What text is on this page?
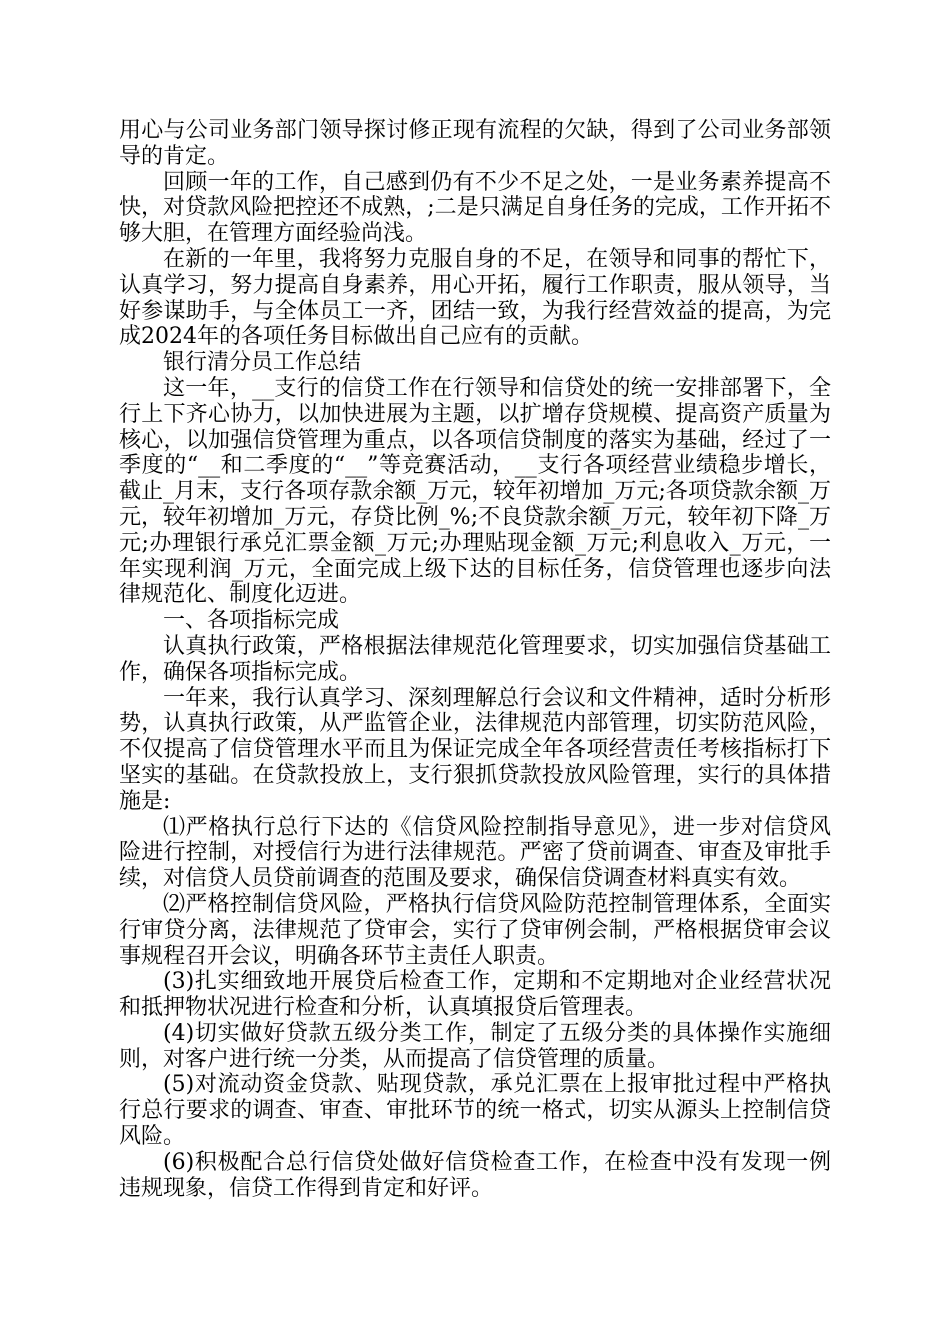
用心与公司业务部门领导探讨修正现有流程的欠缺，得到了公司业务部领导的肯定。

回顾一年的工作，自己感到仍有不少不足之处，一是业务素养提高不快，对贷款风险把控还不成熟，;二是只满足自身任务的完成，工作开拓不够大胆，在管理方面经验尚浅。

在新的一年里，我将努力克服自身的不足，在领导和同事的帮忙下，认真学习，努力提高自身素养，用心开拓，履行工作职责，服从领导，当好参谋助手，与全体员工一齐，团结一致，为我行经营效益的提高，为完成2024年的各项任务目标做出自己应有的贡献。

银行清分员工作总结

这一年，__支行的信贷工作在行领导和信贷处的统一安排部署下，全行上下齐心协力，以加快进展为主题，以扩增存贷规模、提高资产质量为核心，以加强信贷管理为重点，以各项信贷制度的落实为基础，经过了一季度的“__和二季度的“__”等竞赛活动，__支行各项经营业绩稳步增长，截止_月末，支行各项存款余额_万元，较年初增加_万元;各项贷款余额_万元，较年初增加_万元，存贷比例_%;不良贷款余额_万元，较年初下降_万元;办理银行承兑汇票金额_万元;办理贴现金额_万元;利息收入_万元，一年实现利润_万元，全面完成上级下达的目标任务，信贷管理也逐步向法律规范化、制度化迈进。

一、各项指标完成

认真执行政策，严格根据法律规范化管理要求，切实加强信贷基础工作，确保各项指标完成。

一年来，我行认真学习、深刻理解总行会议和文件精神，适时分析形势，认真执行政策，从严监管企业，法律规范内部管理，切实防范风险，不仅提高了信贷管理水平而且为保证完成全年各项经营责任考核指标打下坚实的基础。在贷款投放上，支行狠抓贷款投放风险管理，实行的具体措施是:

⑴严格执行总行下达的《信贷风险控制指导意见》，进一步对信贷风险进行控制，对授信行为进行法律规范。严密了贷前调查、审查及审批手续，对信贷人员贷前调查的范围及要求，确保信贷调查材料真实有效。

⑵严格控制信贷风险，严格执行信贷风险防范控制管理体系，全面实行审贷分离，法律规范了贷审会，实行了贷审例会制，严格根据贷审会议事规程召开会议，明确各环节主责任人职责。

(3)扎实细致地开展贷后检查工作，定期和不定期地对企业经营状况和抵押物状况进行检查和分析，认真填报贷后管理表。

(4)切实做好贷款五级分类工作，制定了五级分类的具体操作实施细则，对客户进行统一分类，从而提高了信贷管理的质量。

(5)对流动资金贷款、贴现贷款，承兑汇票在上报审批过程中严格执行总行要求的调查、审查、审批环节的统一格式，切实从源头上控制信贷风险。

(6)积极配合总行信贷处做好信贷检查工作，在检查中没有发现一例违规现象，信贷工作得到肯定和好评。
